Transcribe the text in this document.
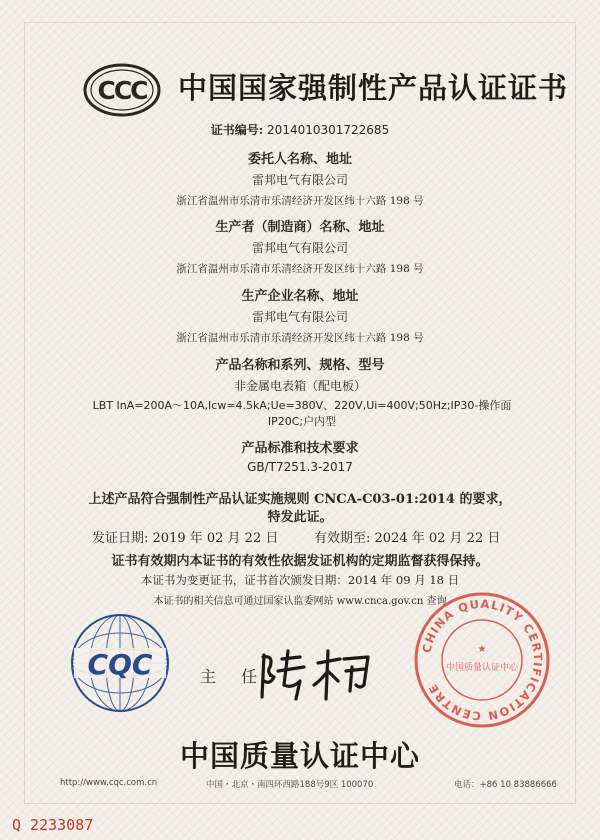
CCC 中国国家强制性产品认证证书
证书编号: 2014010301722685
委托人名称、地址
雷邦电气有限公司
浙江省温州市乐清市乐清经济开发区纬十六路 198 号
生产者（制造商）名称、地址
雷邦电气有限公司
浙江省温州市乐清市乐清经济开发区纬十六路 198 号
生产企业名称、地址
雷邦电气有限公司
浙江省温州市乐清市乐清经济开发区纬十六路 198 号
产品名称和系列、规格、型号
非金属电表箱（配电板）
LBT InA=200A～10A,Icw=4.5kA;Ue=380V、220V,Ui=400V;50Hz;IP30-操作面 IP20C;户内型
产品标准和技术要求
GB/T7251.3-2017
上述产品符合强制性产品认证实施规则 CNCA-C03-01:2014 的要求，
特发此证。
发证日期: 2019 年 02 月 22 日	有效期至: 2024 年 02 月 22 日
证书有效期内本证书的有效性依据发证机构的定期监督获得保持。
本证书为变更证书，证书首次颁发日期：2014 年 09 月 18 日
本证书的相关信息可通过国家认监委网站 www.cnca.gov.cn 查询
CQC	主 任:
CHINA QUALITY CERTIFICATION CENTRE
★
中国质量认证中心
中国质量认证中心
http://www.cqc.com.cn	中国・北京・南四环西路188号9区 100070	电话：+86 10 83886666
Q 2233087
